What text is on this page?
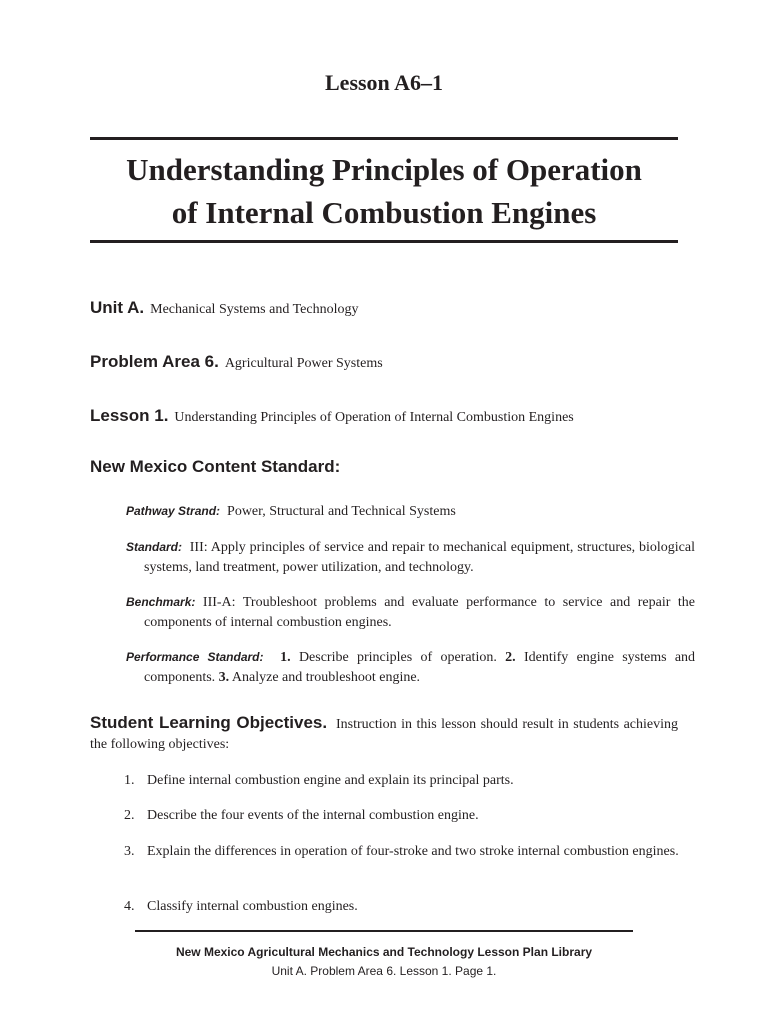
Lesson A6–1
Understanding Principles of Operation
of Internal Combustion Engines
Unit A. Mechanical Systems and Technology
Problem Area 6. Agricultural Power Systems
Lesson 1. Understanding Principles of Operation of Internal Combustion Engines
New Mexico Content Standard:
Pathway Strand: Power, Structural and Technical Systems
Standard: III: Apply principles of service and repair to mechanical equipment, structures, biological systems, land treatment, power utilization, and technology.
Benchmark: III-A: Troubleshoot problems and evaluate performance to service and repair the components of internal combustion engines.
Performance Standard: 1. Describe principles of operation. 2. Identify engine systems and components. 3. Analyze and troubleshoot engine.
Student Learning Objectives. Instruction in this lesson should result in students achieving the following objectives:
1. Define internal combustion engine and explain its principal parts.
2. Describe the four events of the internal combustion engine.
3. Explain the differences in operation of four-stroke and two stroke internal combustion engines.
4. Classify internal combustion engines.
New Mexico Agricultural Mechanics and Technology Lesson Plan Library
Unit A. Problem Area 6. Lesson 1. Page 1.
